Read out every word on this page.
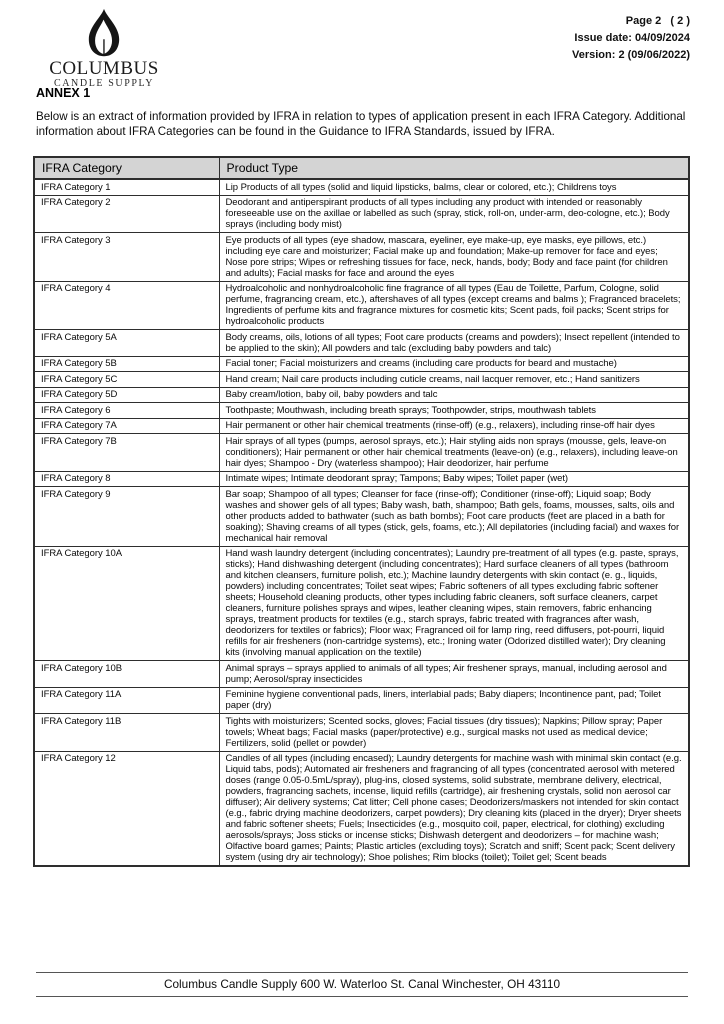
COLUMBUS
CANDLE SUPPLY
Page 2   ( 2 )
Issue date: 04/09/2024
Version: 2 (09/06/2022)
ANNEX 1
Below is an extract of information provided by IFRA in relation to types of application present in each IFRA Category. Additional information about IFRA Categories can be found in the Guidance to IFRA Standards, issued by IFRA.
IFRA Category	Product Type
IFRA Category 1	Lip Products of all types (solid and liquid lipsticks, balms, clear or colored, etc.); Childrens toys
IFRA Category 2	Deodorant and antiperspirant products of all types including any product with intended or reasonably foreseeable use on the axillae or labelled as such (spray, stick, roll-on, under-arm, deo-cologne, etc.); Body sprays (including body mist)
IFRA Category 3	Eye products of all types (eye shadow, mascara, eyeliner, eye make-up, eye masks, eye pillows, etc.) including eye care and moisturizer; Facial make up and foundation; Make-up remover for face and eyes; Nose pore strips; Wipes or refreshing tissues for face, neck, hands, body; Body and face paint (for children and adults); Facial masks for face and around the eyes
IFRA Category 4	Hydroalcoholic and nonhydroalcoholic fine fragrance of all types (Eau de Toilette, Parfum, Cologne, solid perfume, fragrancing cream, etc.), aftershaves of all types (except creams and balms ); Fragranced bracelets; Ingredients of perfume kits and fragrance mixtures for cosmetic kits; Scent pads, foil packs; Scent strips for hydroalcoholic products
IFRA Category 5A	Body creams, oils, lotions of all types; Foot care products (creams and powders); Insect repellent (intended to be applied to the skin); All powders and talc (excluding baby powders and talc)
IFRA Category 5B	Facial toner; Facial moisturizers and creams (including care products for beard and mustache)
IFRA Category 5C	Hand cream; Nail care products including cuticle creams, nail lacquer remover, etc.; Hand sanitizers
IFRA Category 5D	Baby cream/lotion, baby oil, baby powders and talc
IFRA Category 6	Toothpaste; Mouthwash, including breath sprays; Toothpowder, strips, mouthwash tablets
IFRA Category 7A	Hair permanent or other hair chemical treatments (rinse-off) (e.g., relaxers), including rinse-off hair dyes
IFRA Category 7B	Hair sprays of all types (pumps, aerosol sprays, etc.); Hair styling aids non sprays (mousse, gels, leave-on conditioners); Hair permanent or other hair chemical treatments (leave-on) (e.g., relaxers), including leave-on hair dyes; Shampoo - Dry (waterless shampoo); Hair deodorizer, hair perfume
IFRA Category 8	Intimate wipes; Intimate deodorant spray; Tampons; Baby wipes; Toilet paper (wet)
IFRA Category 9	Bar soap; Shampoo of all types; Cleanser for face (rinse-off); Conditioner (rinse-off); Liquid soap; Body washes and shower gels of all types; Baby wash, bath, shampoo; Bath gels, foams, mousses, salts, oils and other products added to bathwater (such as bath bombs); Foot care products (feet are placed in a bath for soaking); Shaving creams of all types (stick, gels, foams, etc.); All depilatories (including facial) and waxes for mechanical hair removal
IFRA Category 10A	Hand wash laundry detergent (including concentrates); Laundry pre-treatment of all types (e.g. paste, sprays, sticks); Hand dishwashing detergent (including concentrates); Hard surface cleaners of all types (bathroom and kitchen cleansers, furniture polish, etc.); Machine laundry detergents with skin contact (e. g., liquids, powders) including concentrates; Toilet seat wipes; Fabric softeners of all types excluding fabric softener sheets; Household cleaning products, other types including fabric cleaners, soft surface cleaners, carpet cleaners, furniture polishes sprays and wipes, leather cleaning wipes, stain removers, fabric enhancing sprays, treatment products for textiles (e.g., starch sprays, fabric treated with fragrances after wash, deodorizers for textiles or fabrics); Floor wax; Fragranced oil for lamp ring, reed diffusers, pot-pourri, liquid refills for air fresheners (non-cartridge systems), etc.; Ironing water (Odorized distilled water); Dry cleaning kits (involving manual application on the textile)
IFRA Category 10B	Animal sprays – sprays applied to animals of all types; Air freshener sprays, manual, including aerosol and pump; Aerosol/spray insecticides
IFRA Category 11A	Feminine hygiene conventional pads, liners, interlabial pads; Baby diapers; Incontinence pant, pad; Toilet paper (dry)
IFRA Category 11B	Tights with moisturizers; Scented socks, gloves; Facial tissues (dry tissues); Napkins; Pillow spray; Paper towels; Wheat bags; Facial masks (paper/protective) e.g., surgical masks not used as medical device; Fertilizers, solid (pellet or powder)
IFRA Category 12	Candles of all types (including encased); Laundry detergents for machine wash with minimal skin contact (e.g. Liquid tabs, pods); Automated air fresheners and fragrancing of all types (concentrated aerosol with metered doses (range 0.05-0.5mL/spray), plug-ins, closed systems, solid substrate, membrane delivery, electrical, powders, fragrancing sachets, incense, liquid refills (cartridge), air freshening crystals, solid non aerosol car diffuser); Air delivery systems; Cat litter; Cell phone cases; Deodorizers/maskers not intended for skin contact (e.g., fabric drying machine deodorizers, carpet powders); Dry cleaning kits (placed in the dryer); Dryer sheets and fabric softener sheets; Fuels; Insecticides (e.g., mosquito coil, paper, electrical, for clothing) excluding aerosols/sprays; Joss sticks or incense sticks; Dishwash detergent and deodorizers – for machine wash; Olfactive board games; Paints; Plastic articles (excluding toys); Scratch and sniff; Scent pack; Scent delivery system (using dry air technology); Shoe polishes; Rim blocks (toilet); Toilet gel; Scent beads
Columbus Candle Supply 600 W. Waterloo St. Canal Winchester, OH 43110
